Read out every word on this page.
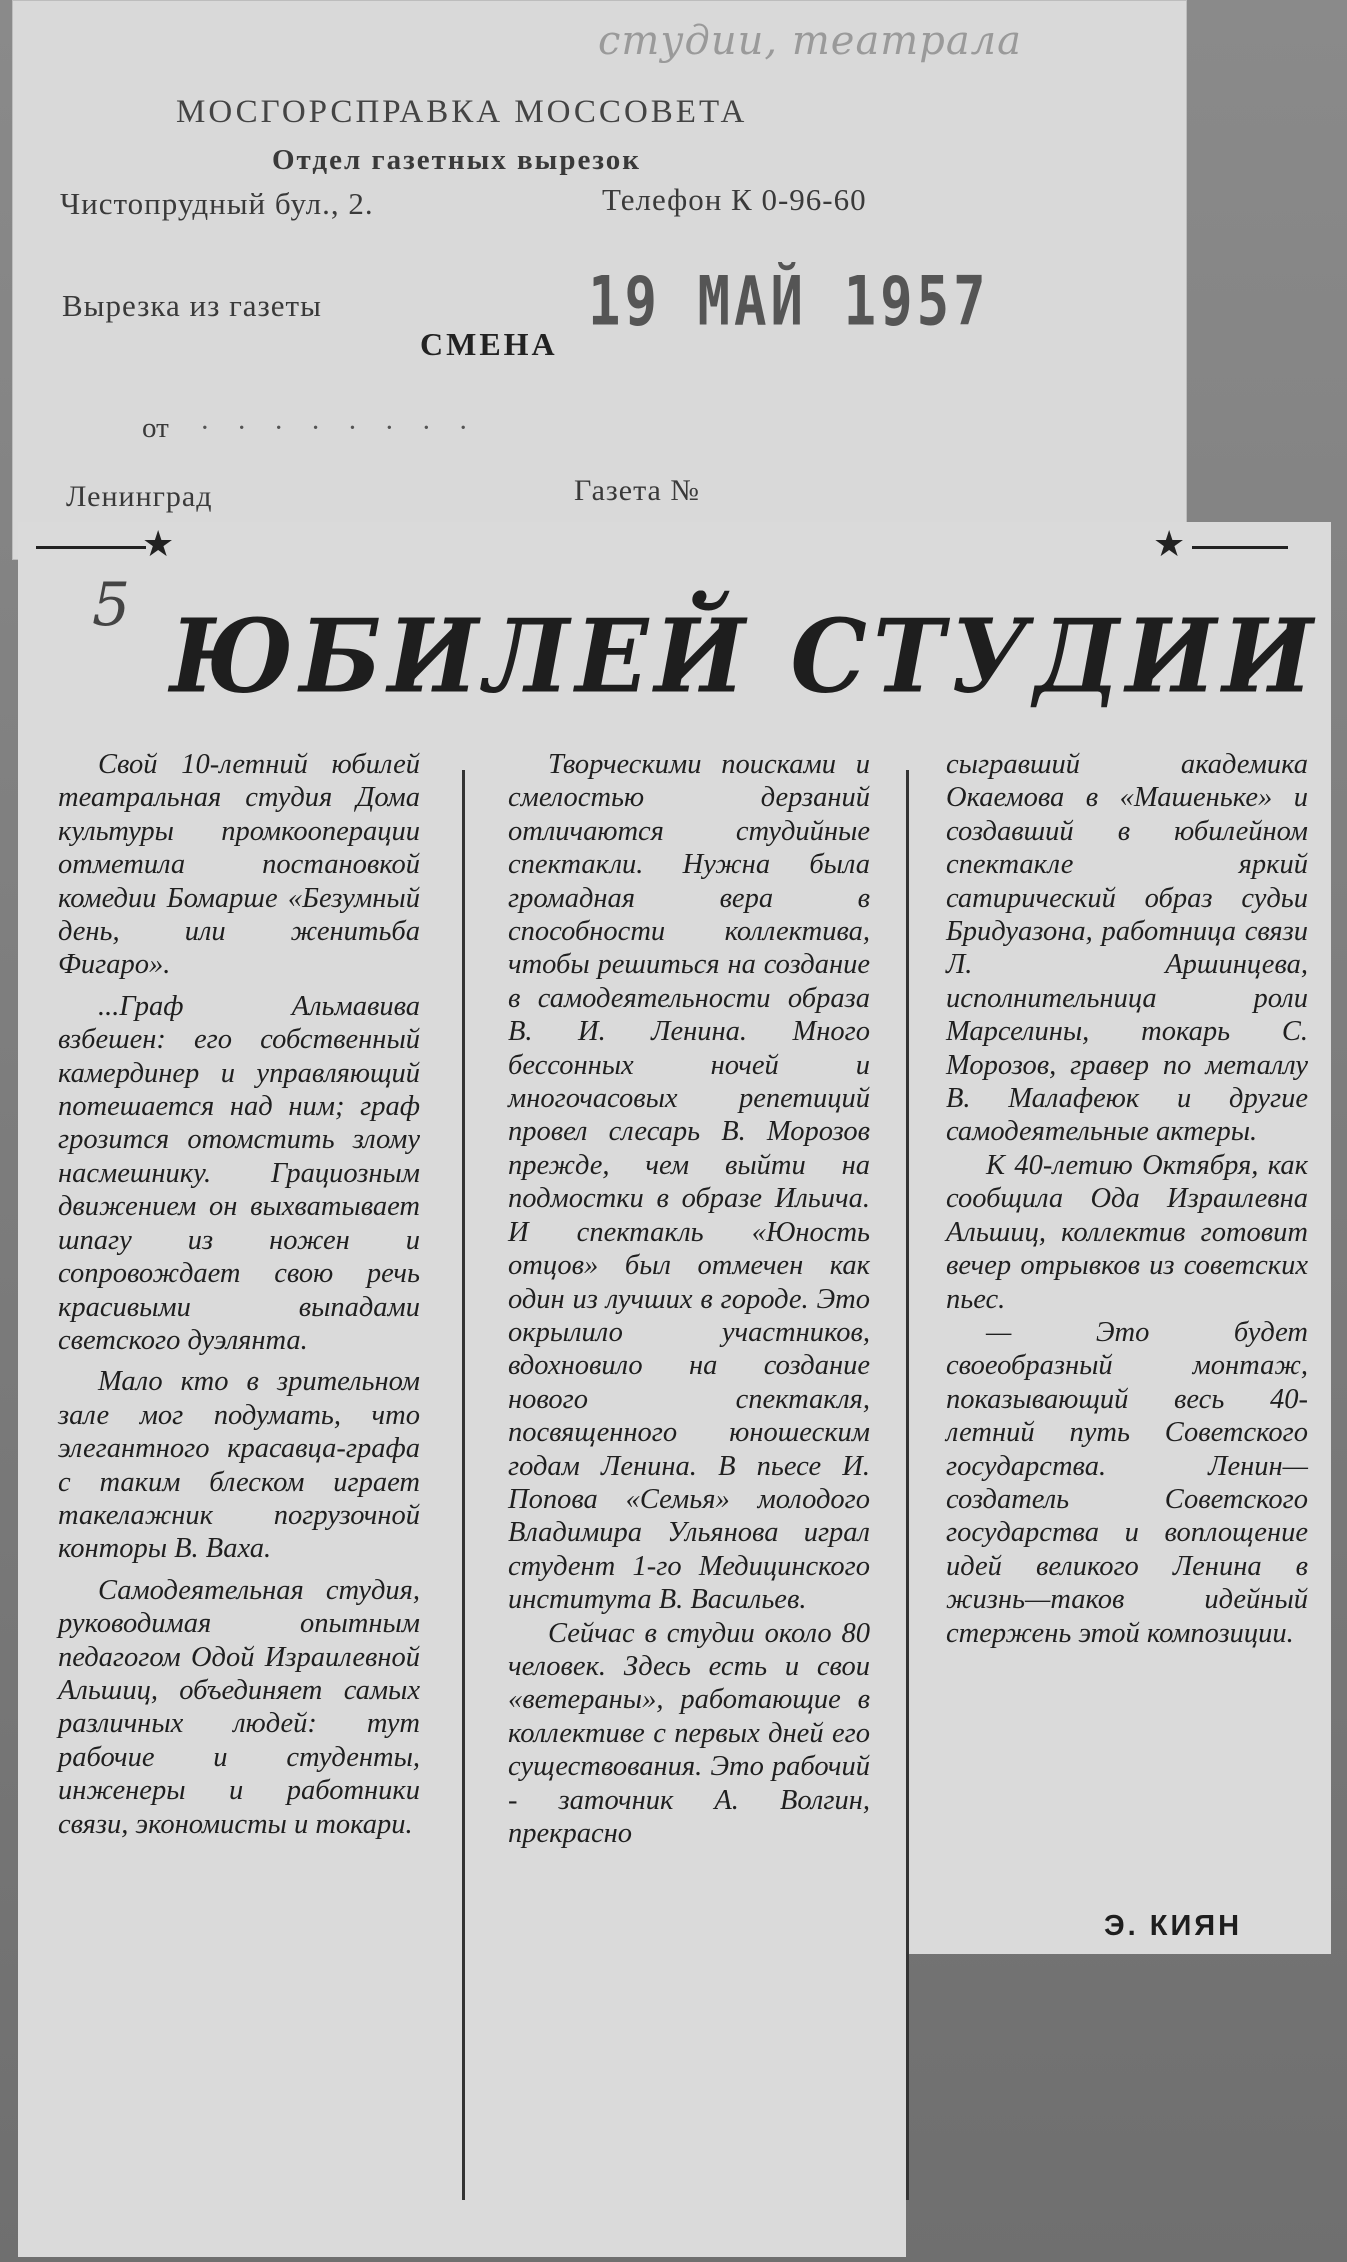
студии, театрала
МОСГОРСПРАВКА МОССОВЕТА
Отдел газетных вырезок
Чистопрудный бул., 2.	Телефон К 0-96-60
Вырезка из газеты
СМЕНА
19 МАЙ 1957
от · · · · · · · ·
Ленинград	Газета №
★	★
5 ЮБИЛЕЙ СТУДИИ

Свой 10-летний юбилей театральная студия Дома культуры промкооперации отметила постановкой комедии Бомарше «Безумный день, или женитьба Фигаро».

...Граф Альмавива взбешен: его собственный камердинер и управляющий потешается над ним; граф грозится отомстить злому насмешнику. Грациозным движением он выхватывает шпагу из ножен и сопровождает свою речь красивыми выпадами светского дуэлянта.

Мало кто в зрительном зале мог подумать, что элегантного красавца-графа с таким блеском играет такелажник погрузочной конторы В. Ваха.

Самодеятельная студия, руководимая опытным педагогом Одой Израилевной Альшиц, объединяет самых различных людей: тут рабочие и студенты, инженеры и работники связи, экономисты и токари.

Творческими поисками и смелостью дерзаний отличаются студийные спектакли. Нужна была громадная вера в способности коллектива, чтобы решиться на создание в самодеятельности образа В. И. Ленина. Много бессонных ночей и многочасовых репетиций провел слесарь В. Морозов прежде, чем выйти на подмостки в образе Ильича. И спектакль «Юность отцов» был отмечен как один из лучших в городе. Это окрылило участников, вдохновило на создание нового спектакля, посвященного юношеским годам Ленина. В пьесе И. Попова «Семья» молодого Владимира Ульянова играл студент 1-го Медицинского института В. Васильев.

Сейчас в студии около 80 человек. Здесь есть и свои «ветераны», работающие в коллективе с первых дней его существования. Это рабочий - заточник А. Волгин, прекрасно

сыгравший академика Окаемова в «Машеньке» и создавший в юбилейном спектакле яркий сатирический образ судьи Бридуазона, работница связи Л. Аршинцева, исполнительница роли Марселины, токарь С. Морозов, гравер по металлу В. Малафеюк и другие самодеятельные актеры.

К 40-летию Октября, как сообщила Ода Израилевна Альшиц, коллектив готовит вечер отрывков из советских пьес.

— Это будет своеобразный монтаж, показывающий весь 40-летний путь Советского государства. Ленин—создатель Советского государства и воплощение идей великого Ленина в жизнь—таков идейный стержень этой композиции.

Э. КИЯН
